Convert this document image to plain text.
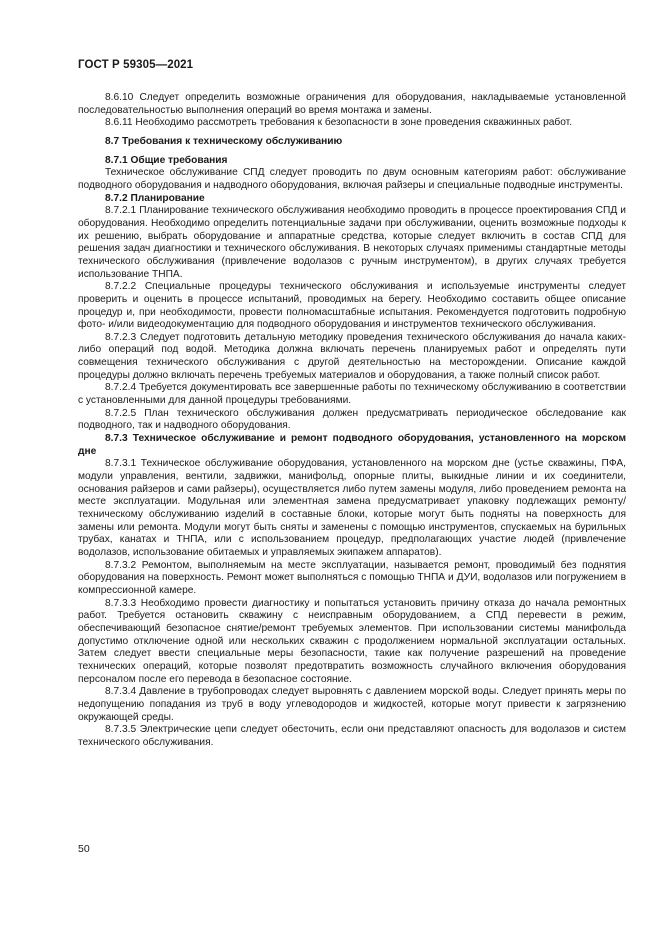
ГОСТ Р 59305—2021

8.6.10 Следует определить возможные ограничения для оборудования, накладываемые установленной последовательностью выполнения операций во время монтажа и замены.

8.6.11 Необходимо рассмотреть требования к безопасности в зоне проведения скважинных работ.

8.7 Требования к техническому обслуживанию

8.7.1 Общие требования

Техническое обслуживание СПД следует проводить по двум основным категориям работ: обслуживание подводного оборудования и надводного оборудования, включая райзеры и специальные подводные инструменты.

8.7.2 Планирование

8.7.2.1 Планирование технического обслуживания необходимо проводить в процессе проектирования СПД и оборудования. Необходимо определить потенциальные задачи при обслуживании, оценить возможные подходы к их решению, выбрать оборудование и аппаратные средства, которые следует включить в состав СПД для решения задач диагностики и технического обслуживания. В некоторых случаях применимы стандартные методы технического обслуживания (привлечение водолазов с ручным инструментом), в других случаях требуется использование ТНПА.

8.7.2.2 Специальные процедуры технического обслуживания и используемые инструменты следует проверить и оценить в процессе испытаний, проводимых на берегу. Необходимо составить общее описание процедур и, при необходимости, провести полномасштабные испытания. Рекомендуется подготовить подробную фото- и/или видеодокументацию для подводного оборудования и инструментов технического обслуживания.

8.7.2.3 Следует подготовить детальную методику проведения технического обслуживания до начала каких-либо операций под водой. Методика должна включать перечень планируемых работ и определять пути совмещения технического обслуживания с другой деятельностью на месторождении. Описание каждой процедуры должно включать перечень требуемых материалов и оборудования, а также полный список работ.

8.7.2.4 Требуется документировать все завершенные работы по техническому обслуживанию в соответствии с установленными для данной процедуры требованиями.

8.7.2.5 План технического обслуживания должен предусматривать периодическое обследование как подводного, так и надводного оборудования.

8.7.3 Техническое обслуживание и ремонт подводного оборудования, установленного на морском дне

8.7.3.1 Техническое обслуживание оборудования, установленного на морском дне (устье скважины, ПФА, модули управления, вентили, задвижки, манифольд, опорные плиты, выкидные линии и их соединители, основания райзеров и сами райзеры), осуществляется либо путем замены модуля, либо проведением ремонта на месте эксплуатации. Модульная или элементная замена предусматривает упаковку подлежащих ремонту/техническому обслуживанию изделий в составные блоки, которые могут быть подняты на поверхность для замены или ремонта. Модули могут быть сняты и заменены с помощью инструментов, спускаемых на бурильных трубах, канатах и ТНПА, или с использованием процедур, предполагающих участие людей (привлечение водолазов, использование обитаемых и управляемых экипажем аппаратов).

8.7.3.2 Ремонтом, выполняемым на месте эксплуатации, называется ремонт, проводимый без поднятия оборудования на поверхность. Ремонт может выполняться с помощью ТНПА и ДУИ, водолазов или погружением в компрессионной камере.

8.7.3.3 Необходимо провести диагностику и попытаться установить причину отказа до начала ремонтных работ. Требуется остановить скважину с неисправным оборудованием, а СПД перевести в режим, обеспечивающий безопасное снятие/ремонт требуемых элементов. При использовании системы манифольда допустимо отключение одной или нескольких скважин с продолжением нормальной эксплуатации остальных. Затем следует ввести специальные меры безопасности, такие как получение разрешений на проведение технических операций, которые позволят предотвратить возможность случайного включения оборудования персоналом после его перевода в безопасное состояние.

8.7.3.4 Давление в трубопроводах следует выровнять с давлением морской воды. Следует принять меры по недопущению попадания из труб в воду углеводородов и жидкостей, которые могут привести к загрязнению окружающей среды.

8.7.3.5 Электрические цепи следует обесточить, если они представляют опасность для водолазов и систем технического обслуживания.

50
